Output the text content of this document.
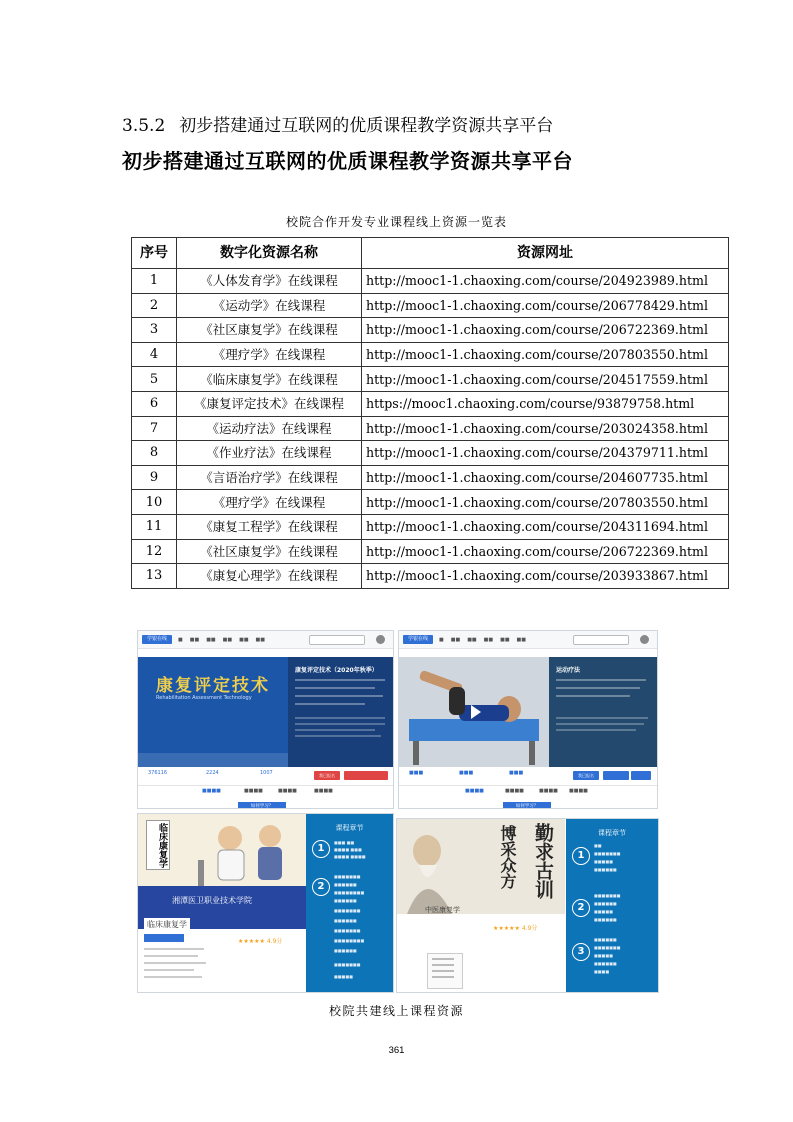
3.5.2 初步搭建通过互联网的优质课程教学资源共享平台
初步搭建通过互联网的优质课程教学资源共享平台
校院合作开发专业课程线上资源一览表
序号	数字化资源名称	资源网址
1	《人体发育学》在线课程	http://mooc1-1.chaoxing.com/course/204923989.html
2	《运动学》在线课程	http://mooc1-1.chaoxing.com/course/206778429.html
3	《社区康复学》在线课程	http://mooc1-1.chaoxing.com/course/206722369.html
4	《理疗学》在线课程	http://mooc1-1.chaoxing.com/course/207803550.html
5	《临床康复学》在线课程	http://mooc1-1.chaoxing.com/course/204517559.html
6	《康复评定技术》在线课程	https://mooc1.chaoxing.com/course/93879758.html
7	《运动疗法》在线课程	http://mooc1-1.chaoxing.com/course/203024358.html
8	《作业疗法》在线课程	http://mooc1-1.chaoxing.com/course/204379711.html
9	《言语治疗学》在线课程	http://mooc1-1.chaoxing.com/course/204607735.html
10	《理疗学》在线课程	http://mooc1-1.chaoxing.com/course/207803550.html
11	《康复工程学》在线课程	http://mooc1-1.chaoxing.com/course/204311694.html
12	《社区康复学》在线课程	http://mooc1-1.chaoxing.com/course/206722369.html
13	《康复心理学》在线课程	http://mooc1-1.chaoxing.com/course/203933867.html
学银在线	■ ■■ ■■ ■■ ■■ ■■
康复评定技术
Rehabilitation Assessment Technology
康复评定技术（2020年秋季）
376116	2224	1007	我已报名
■■■■	■■■■	■■■■	■■■■
如何学习？
学银在线	■ ■■ ■■ ■■ ■■ ■■
运动疗法
■■■	■■■	■■■	我已报名
■■■■	■■■■	■■■■ ■■■■
如何学习？
临床康复学
湘潭医卫职业技术学院
临床康复学
★★★★★ 4.9分
课程章节
1
■■■ ■■
■■■■ ■■■
■■■■ ■■■■
2
■■■■■■■
■■■■■■
■■■■■■■■
■■■■■■
■■■■■■■
■■■■■■
■■■■■■■
■■■■■■■■
■■■■■■
■■■■■■■
■■■■■
博采众方 勤求古训
中医康复学
★★★★★ 4.9分
课程章节
1
■■
■■■■■■■
■■■■■
■■■■■■
2
■■■■■■■
■■■■■■
■■■■■
■■■■■■
3
■■■■■■
■■■■■■■
■■■■■
■■■■■■
■■■■
校院共建线上课程资源
361
